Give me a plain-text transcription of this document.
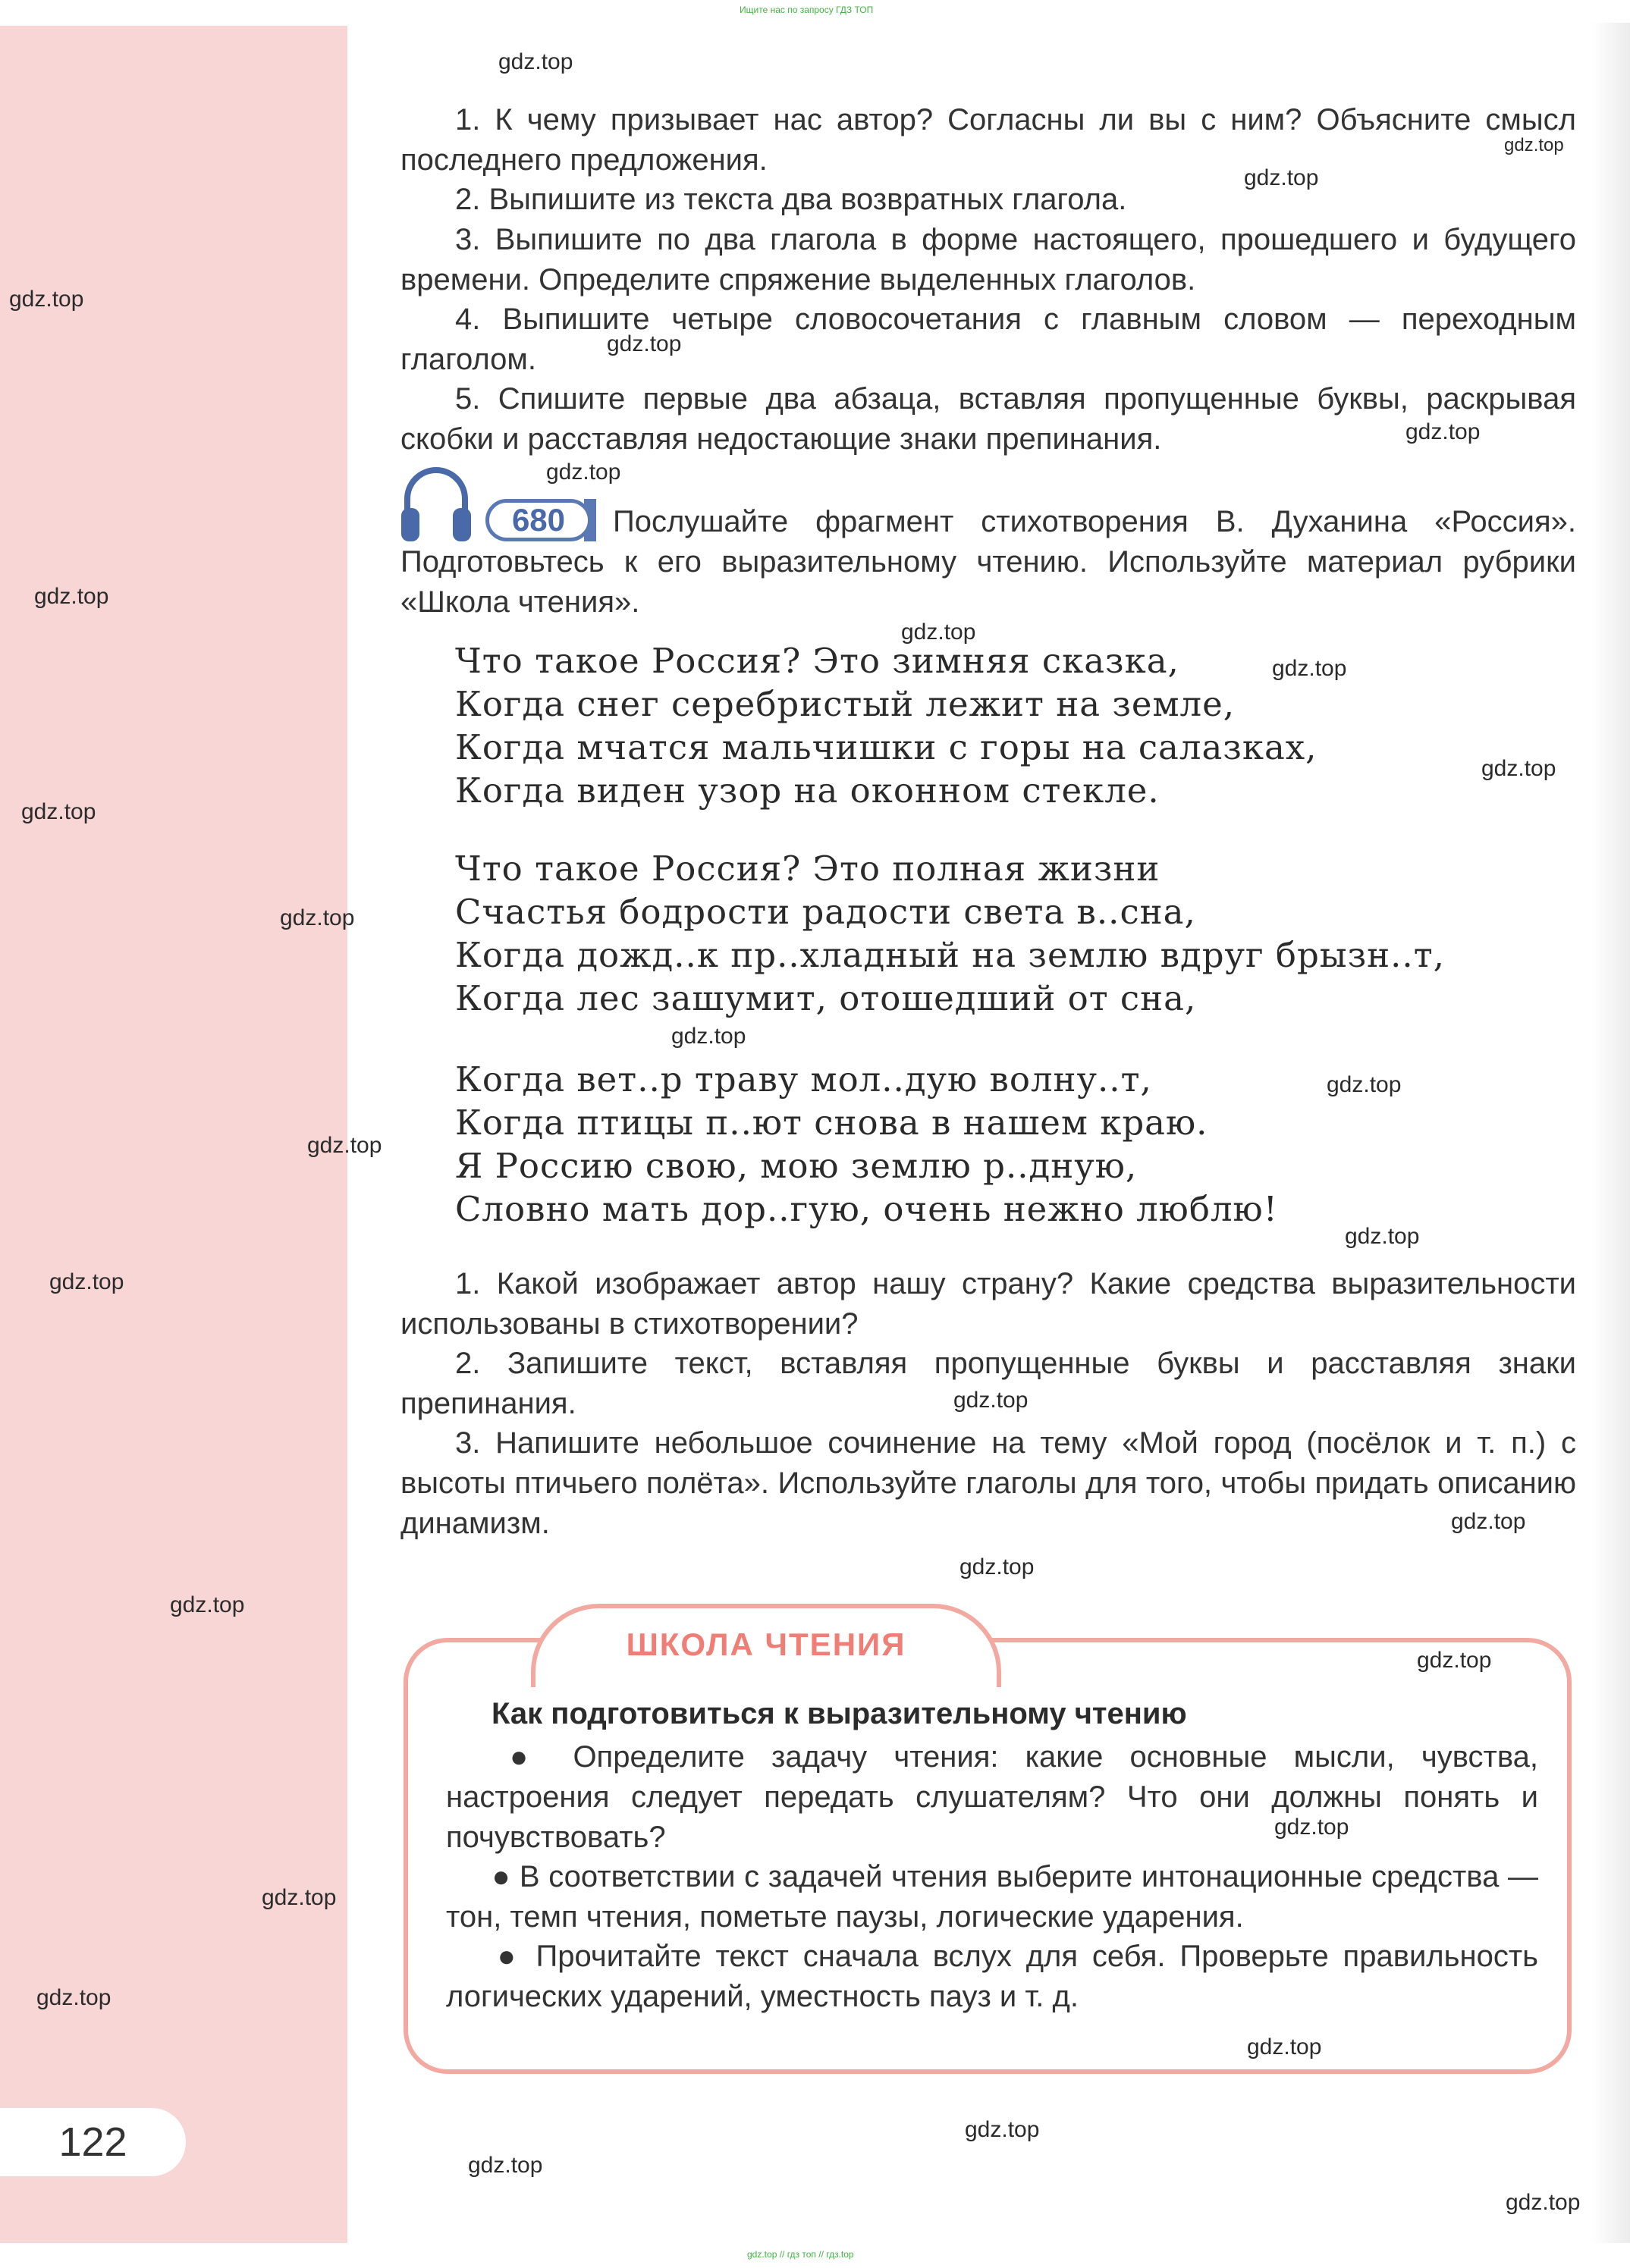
Ищите нас по запросу ГДЗ ТОП
1. К чему призывает нас автор? Согласны ли вы с ним? Объясните смысл последнего предложения.
2. Выпишите из текста два возвратных глагола.
3. Выпишите по два глагола в форме настоящего, прошедшего и будущего времени. Определите спряжение выделенных глаголов.
4. Выпишите четыре словосочетания с главным словом — переходным глаголом.
5. Спишите первые два абзаца, вставляя пропущенные буквы, раскрывая скобки и расставляя недостающие знаки препинания.
680	Послушайте фрагмент стихотворения В. Духанина «Россия». Подготовьтесь к его выразительному чтению. Используйте материал рубрики «Школа чтения».
Что такое Россия? Это зимняя сказка,
Когда снег серебристый лежит на земле,
Когда мчатся мальчишки с горы на салазках,
Когда виден узор на оконном стекле.
Что такое Россия? Это полная жизни
Счастья бодрости радости света в..сна,
Когда дожд..к пр..хладный на землю вдруг брызн..т,
Когда лес зашумит, отошедший от сна,
Когда вет..р траву мол..дую волну..т,
Когда птицы п..ют снова в нашем краю.
Я Россию свою, мою землю р..дную,
Словно мать дор..гую, очень нежно люблю!
1. Какой изображает автор нашу страну? Какие средства выразительности использованы в стихотворении?
2. Запишите текст, вставляя пропущенные буквы и расставляя знаки препинания.
3. Напишите небольшое сочинение на тему «Мой город (посёлок и т. п.) с высоты птичьего полёта». Используйте глаголы для того, чтобы придать описанию динамизм.
ШКОЛА ЧТЕНИЯ
Как подготовиться к выразительному чтению
● Определите задачу чтения: какие основные мысли, чувства, настроения следует передать слушателям? Что они должны понять и почувствовать?
● В соответствии с задачей чтения выберите интонационные средства — тон, темп чтения, пометьте паузы, логические ударения.
● Прочитайте текст сначала вслух для себя. Проверьте правильность логических ударений, уместность пауз и т. д.
122
gdz.top
gdz.top
gdz.top
gdz.top
gdz.top
gdz.top
gdz.top
gdz.top
gdz.top
gdz.top
gdz.top
gdz.top
gdz.top
gdz.top
gdz.top
gdz.top
gdz.top
gdz.top
gdz.top
gdz.top
gdz.top
gdz.top
gdz.top
gdz.top
gdz.top
gdz.top
gdz.top
gdz.top
gdz.top
gdz.top
gdz.top // гдз топ // гдз.top
